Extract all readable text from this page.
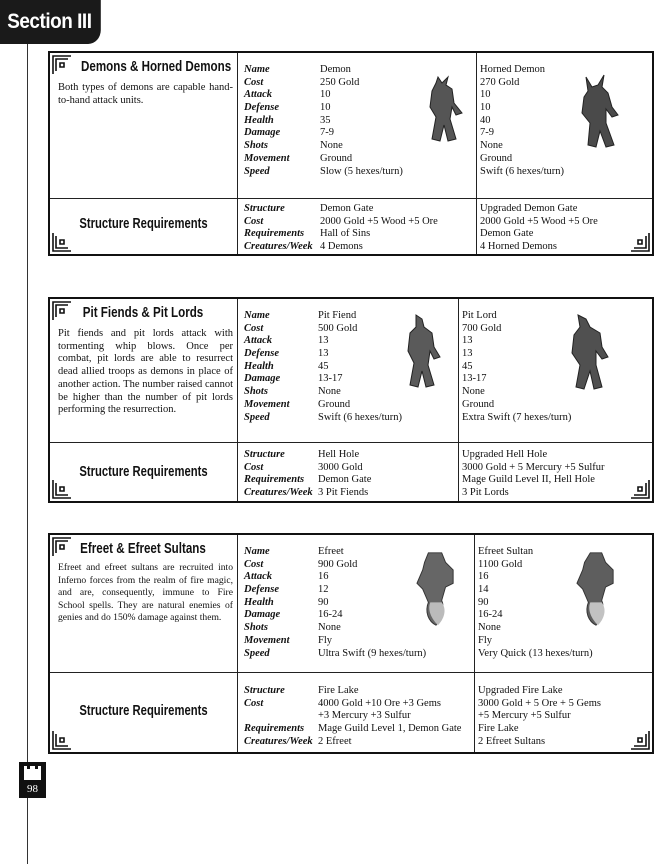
Section III
Demons & Horned Demons
Both types of demons are capable hand-to-hand attack units.
Name
Cost
Attack
Defense
Health
Damage
Shots
Movement
Speed
Demon
250 Gold
10
10
35
7-9
None
Ground
Slow (5 hexes/turn)
Horned Demon
270 Gold
10
10
40
7-9
None
Ground
Swift (6 hexes/turn)
Structure Requirements
Structure
Cost
Requirements
Creatures/Week
Demon Gate
2000 Gold +5 Wood +5 Ore
Hall of Sins
4 Demons
Upgraded Demon Gate
2000 Gold +5 Wood +5 Ore
Demon Gate
4 Horned Demons
Pit Fiends & Pit Lords
Pit fiends and pit lords attack with tormenting whip blows. Once per combat, pit lords are able to resurrect dead allied troops as demons in place of another action. The number raised cannot be higher than the number of pit lords performing the resurrection.
Name
Cost
Attack
Defense
Health
Damage
Shots
Movement
Speed
Pit Fiend
500 Gold
13
13
45
13-17
None
Ground
Swift (6 hexes/turn)
Pit Lord
700 Gold
13
13
45
13-17
None
Ground
Extra Swift (7 hexes/turn)
Structure Requirements
Structure
Cost
Requirements
Creatures/Week
Hell Hole
3000 Gold
Demon Gate
3 Pit Fiends
Upgraded Hell Hole
3000 Gold + 5 Mercury +5 Sulfur
Mage Guild Level II, Hell Hole
3 Pit Lords
Efreet & Efreet Sultans
Efreet and efreet sultans are recruited into Inferno forces from the realm of fire magic, and are, consequently, immune to Fire School spells. They are natural enemies of genies and do 150% damage against them.
Name
Cost
Attack
Defense
Health
Damage
Shots
Movement
Speed
Efreet
900 Gold
16
12
90
16-24
None
Fly
Ultra Swift (9 hexes/turn)
Efreet Sultan
1100 Gold
16
14
90
16-24
None
Fly
Very Quick (13 hexes/turn)
Structure Requirements
Structure
Cost
Requirements
Creatures/Week
Fire Lake
4000 Gold +10 Ore +3 Gems
+3 Mercury +3 Sulfur
Mage Guild Level 1, Demon Gate
2 Efreet
Upgraded Fire Lake
3000 Gold + 5 Ore + 5 Gems
+5 Mercury +5 Sulfur
Fire Lake
2 Efreet Sultans
98
